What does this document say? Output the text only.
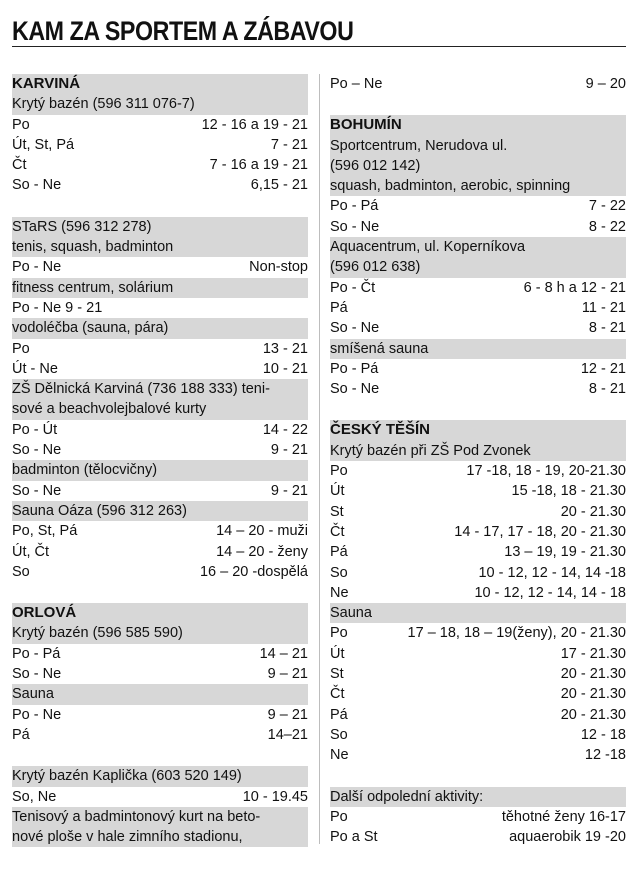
KAM ZA SPORTEM A ZÁBAVOU
KARVINÁ
Krytý bazén (596 311 076-7)
Po	12 - 16 a 19 - 21
Út, St, Pá	7 - 21
Čt	7 - 16 a 19 - 21
So - Ne	6,15 - 21
STaRS (596 312 278)
tenis, squash, badminton
Po - Ne	Non-stop
fitness centrum, solárium
Po - Ne 9 - 21
vodoléčba (sauna, pára)
Po	13 - 21
Út - Ne	10 - 21
ZŠ Dělnická Karviná (736 188 333) teni-
sové a beachvolejbalové kurty
Po - Út	14 - 22
So - Ne	9 - 21
badminton (tělocvičny)
So - Ne	9 - 21
Sauna Oáza (596 312 263)
Po, St, Pá	14 – 20 - muži
Út, Čt	14 – 20 - ženy
So	16 – 20 -dospělá
ORLOVÁ
Krytý bazén (596 585 590)
Po - Pá	14 – 21
So - Ne	9 – 21
Sauna
Po - Ne	9 – 21
Pá	14–21
Krytý bazén Kaplička (603 520 149)
So, Ne	10 - 19.45
Tenisový a badmintonový kurt na beto-
nové ploše v hale zimního stadionu,
Po – Ne	9 – 20
BOHUMÍN
Sportcentrum, Nerudova ul.
(596 012 142)
squash, badminton, aerobic, spinning
Po - Pá	7 - 22
So - Ne	8 - 22
Aquacentrum, ul. Koperníkova
(596 012 638)
Po - Čt	6 - 8 h a 12 - 21
Pá	11 - 21
So - Ne	8 - 21
smíšená sauna
Po - Pá	12 - 21
So - Ne	8 - 21
ČESKÝ TĚŠÍN
Krytý bazén při ZŠ Pod Zvonek
Po	17 -18, 18 - 19, 20-21.30
Út	15 -18, 18 - 21.30
St	20 - 21.30
Čt	14 - 17, 17 - 18, 20 - 21.30
Pá	13 – 19, 19 - 21.30
So	10 - 12, 12 - 14, 14 -18
Ne	10 - 12, 12 - 14, 14 - 18
Sauna
Po	17 – 18, 18 – 19(ženy), 20 - 21.30
Út	17 - 21.30
St	20 - 21.30
Čt	20 - 21.30
Pá	20 - 21.30
So	12 - 18
Ne	12 -18
Další odpolední aktivity:
Po	těhotné ženy 16-17
Po a St	aquaerobik 19 -20
